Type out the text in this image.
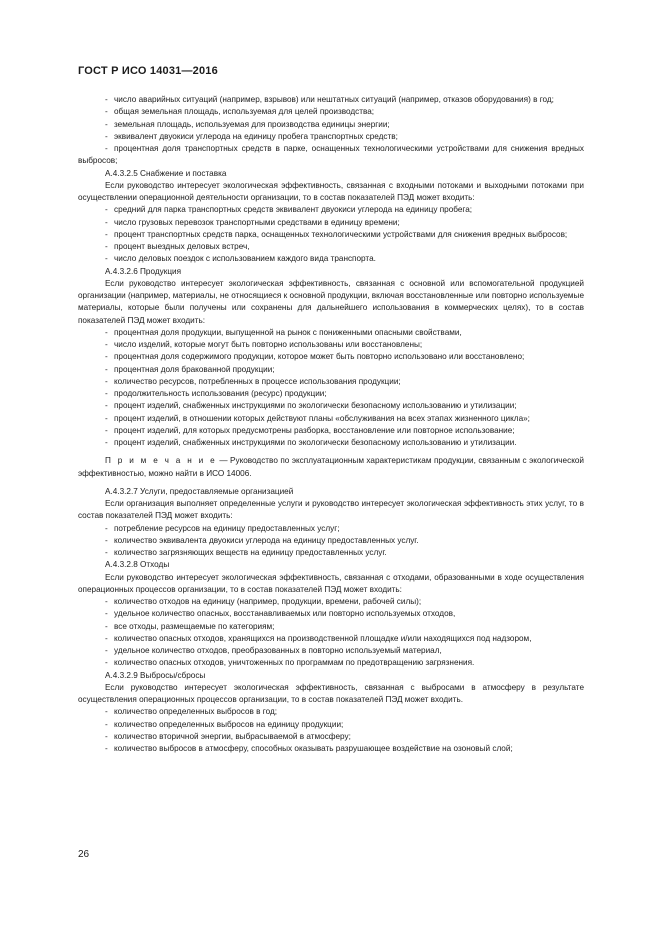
ГОСТ Р ИСО 14031—2016

- число аварийных ситуаций (например, взрывов) или нештатных ситуаций (например, отказов оборудования) в год;

- общая земельная площадь, используемая для целей производства;

- земельная площадь, используемая для производства единицы энергии;

- эквивалент двуокиси углерода на единицу пробега транспортных средств;

- процентная доля транспортных средств в парке, оснащенных технологическими устройствами для снижения вредных выбросов;

А.4.3.2.5 Снабжение и поставка

Если руководство интересует экологическая эффективность, связанная с входными потоками и выходными потоками при осуществлении операционной деятельности организации, то в состав показателей ПЭД может входить:

- средний для парка транспортных средств эквивалент двуокиси углерода на единицу пробега;

- число грузовых перевозок транспортными средствами в единицу времени;

- процент транспортных средств парка, оснащенных технологическими устройствами для снижения вредных выбросов;

- процент выездных деловых встреч,

- число деловых поездок с использованием каждого вида транспорта.

А.4.3.2.6 Продукция

Если руководство интересует экологическая эффективность, связанная с основной или вспомогательной продукцией организации (например, материалы, не относящиеся к основной продукции, включая восстановленные или повторно используемые материалы, которые были получены или сохранены для дальнейшего использования в коммерческих целях), то в состав показателей ПЭД может входить:

- процентная доля продукции, выпущенной на рынок с пониженными опасными свойствами,

- число изделий, которые могут быть повторно использованы или восстановлены;

- процентная доля содержимого продукции, которое может быть повторно использовано или восстановлено;

- процентная доля бракованной продукции;

- количество ресурсов, потребленных в процессе использования продукции;

- продолжительность использования (ресурс) продукции;

- процент изделий, снабженных инструкциями по экологически безопасному использованию и утилизации;

- процент изделий, в отношении которых действуют планы «обслуживания на всех этапах жизненного цикла»;

- процент изделий, для которых предусмотрены разборка, восстановление или повторное использование;

- процент изделий, снабженных инструкциями по экологически безопасному использованию и утилизации.

П р и м е ч а н и е — Руководство по эксплуатационным характеристикам продукции, связанным с экологической эффективностью, можно найти в ИСО 14006.

А.4.3.2.7 Услуги, предоставляемые организацией

Если организация выполняет определенные услуги и руководство интересует экологическая эффективность этих услуг, то в состав показателей ПЭД может входить:

- потребление ресурсов на единицу предоставленных услуг;

- количество эквивалента двуокиси углерода на единицу предоставленных услуг.

- количество загрязняющих веществ на единицу предоставленных услуг.

А.4.3.2.8 Отходы

Если руководство интересует экологическая эффективность, связанная с отходами, образованными в ходе осуществления операционных процессов организации, то в состав показателей ПЭД может входить:

- количество отходов на единицу (например, продукции, времени, рабочей силы);

- удельное количество опасных, восстанавливаемых или повторно используемых отходов,

- все отходы, размещаемые по категориям;

- количество опасных отходов, хранящихся на производственной площадке и/или находящихся под надзором,

- удельное количество отходов, преобразованных в повторно используемый материал,

- количество опасных отходов, уничтоженных по программам по предотвращению загрязнения.

А.4.3.2.9 Выбросы/сбросы

Если руководство интересует экологическая эффективность, связанная с выбросами в атмосферу в результате осуществления операционных процессов организации, то в состав показателей ПЭД может входить.

- количество определенных выбросов в год;

- количество определенных выбросов на единицу продукции;

- количество вторичной энергии, выбрасываемой в атмосферу;

- количество выбросов в атмосферу, способных оказывать разрушающее воздействие на озоновый слой;

26
